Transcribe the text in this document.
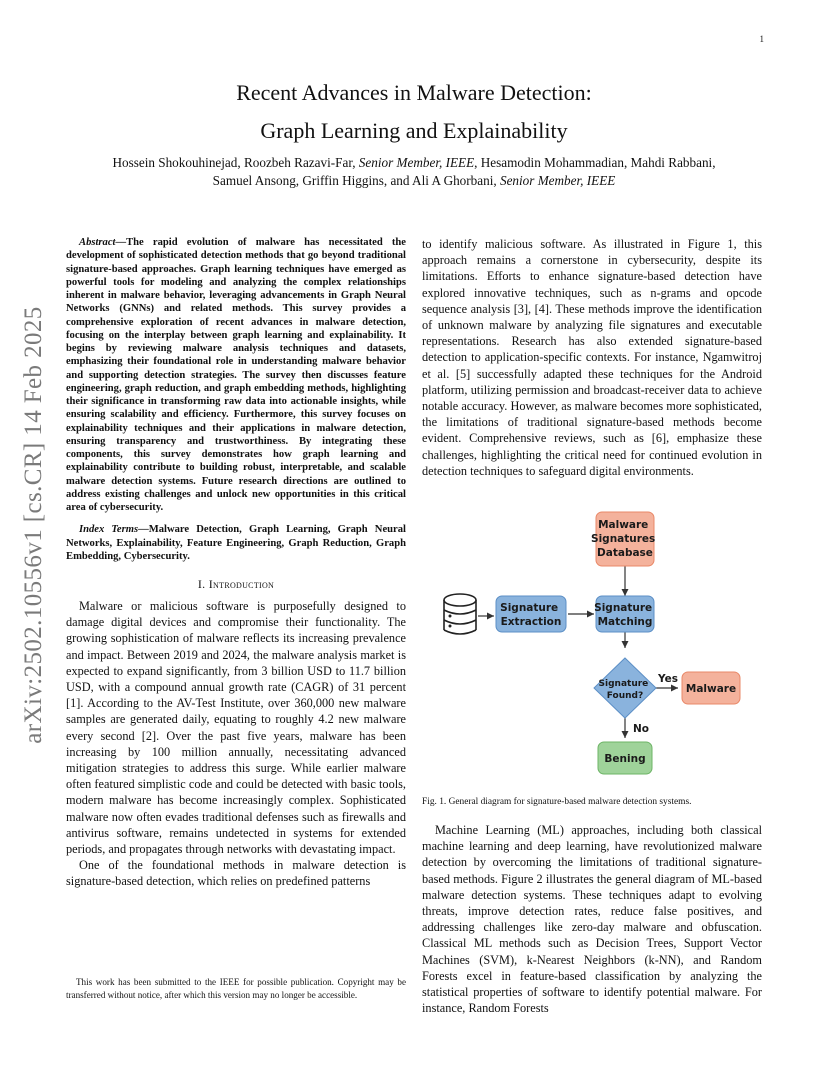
1
arXiv:2502.10556v1 [cs.CR] 14 Feb 2025
Recent Advances in Malware Detection:
Graph Learning and Explainability
Hossein Shokouhinejad, Roozbeh Razavi-Far, Senior Member, IEEE, Hesamodin Mohammadian, Mahdi Rabbani,
Samuel Ansong, Griffin Higgins, and Ali A Ghorbani, Senior Member, IEEE

Abstract—The rapid evolution of malware has necessitated the development of sophisticated detection methods that go beyond traditional signature-based approaches. Graph learning techniques have emerged as powerful tools for modeling and analyzing the complex relationships inherent in malware behavior, leveraging advancements in Graph Neural Networks (GNNs) and related methods. This survey provides a comprehensive exploration of recent advances in malware detection, focusing on the interplay between graph learning and explainability. It begins by reviewing malware analysis techniques and datasets, emphasizing their foundational role in understanding malware behavior and supporting detection strategies. The survey then discusses feature engineering, graph reduction, and graph embedding methods, highlighting their significance in transforming raw data into actionable insights, while ensuring scalability and efficiency. Furthermore, this survey focuses on explainability techniques and their applications in malware detection, ensuring transparency and trustworthiness. By integrating these components, this survey demonstrates how graph learning and explainability contribute to building robust, interpretable, and scalable malware detection systems. Future research directions are outlined to address existing challenges and unlock new opportunities in this critical area of cybersecurity.

Index Terms—Malware Detection, Graph Learning, Graph Neural Networks, Explainability, Feature Engineering, Graph Reduction, Graph Embedding, Cybersecurity.

I. Introduction

Malware or malicious software is purposefully designed to damage digital devices and compromise their functionality. The growing sophistication of malware reflects its increasing prevalence and impact. Between 2019 and 2024, the malware analysis market is expected to expand significantly, from 3 billion USD to 11.7 billion USD, with a compound annual growth rate (CAGR) of 31 percent [1]. According to the AV-Test Institute, over 360,000 new malware samples are generated daily, equating to roughly 4.2 new malware every second [2]. Over the past five years, malware has been increasing by 100 million annually, necessitating advanced mitigation strategies to address this surge. While earlier malware often featured simplistic code and could be detected with basic tools, modern malware has become increasingly complex. Sophisticated malware now often evades traditional defenses such as firewalls and antivirus software, remains undetected in systems for extended periods, and propagates through networks with devastating impact.

One of the foundational methods in malware detection is signature-based detection, which relies on predefined patterns

This work has been submitted to the IEEE for possible publication. Copyright may be transferred without notice, after which this version may no longer be accessible.

to identify malicious software. As illustrated in Figure 1, this approach remains a cornerstone in cybersecurity, despite its limitations. Efforts to enhance signature-based detection have explored innovative techniques, such as n-grams and opcode sequence analysis [3], [4]. These methods improve the identification of unknown malware by analyzing file signatures and executable representations. Research has also extended signature-based detection to application-specific contexts. For instance, Ngamwitroj et al. [5] successfully adapted these techniques for the Android platform, utilizing permission and broadcast-receiver data to achieve notable accuracy. However, as malware becomes more sophisticated, the limitations of traditional signature-based methods become evident. Comprehensive reviews, such as [6], emphasize these challenges, highlighting the critical need for continued evolution in detection techniques to safeguard digital environments.

Malware Signatures Database
Signature Extraction
Signature Matching
Signature Found?
Malware
Bening
Yes
No
Fig. 1. General diagram for signature-based malware detection systems.

Machine Learning (ML) approaches, including both classical machine learning and deep learning, have revolutionized malware detection by overcoming the limitations of traditional signature-based methods. Figure 2 illustrates the general diagram of ML-based malware detection systems. These techniques adapt to evolving threats, improve detection rates, reduce false positives, and addressing challenges like zero-day malware and obfuscation. Classical ML methods such as Decision Trees, Support Vector Machines (SVM), k-Nearest Neighbors (k-NN), and Random Forests excel in feature-based classification by analyzing the statistical properties of software to identify potential malware. For instance, Random Forests
